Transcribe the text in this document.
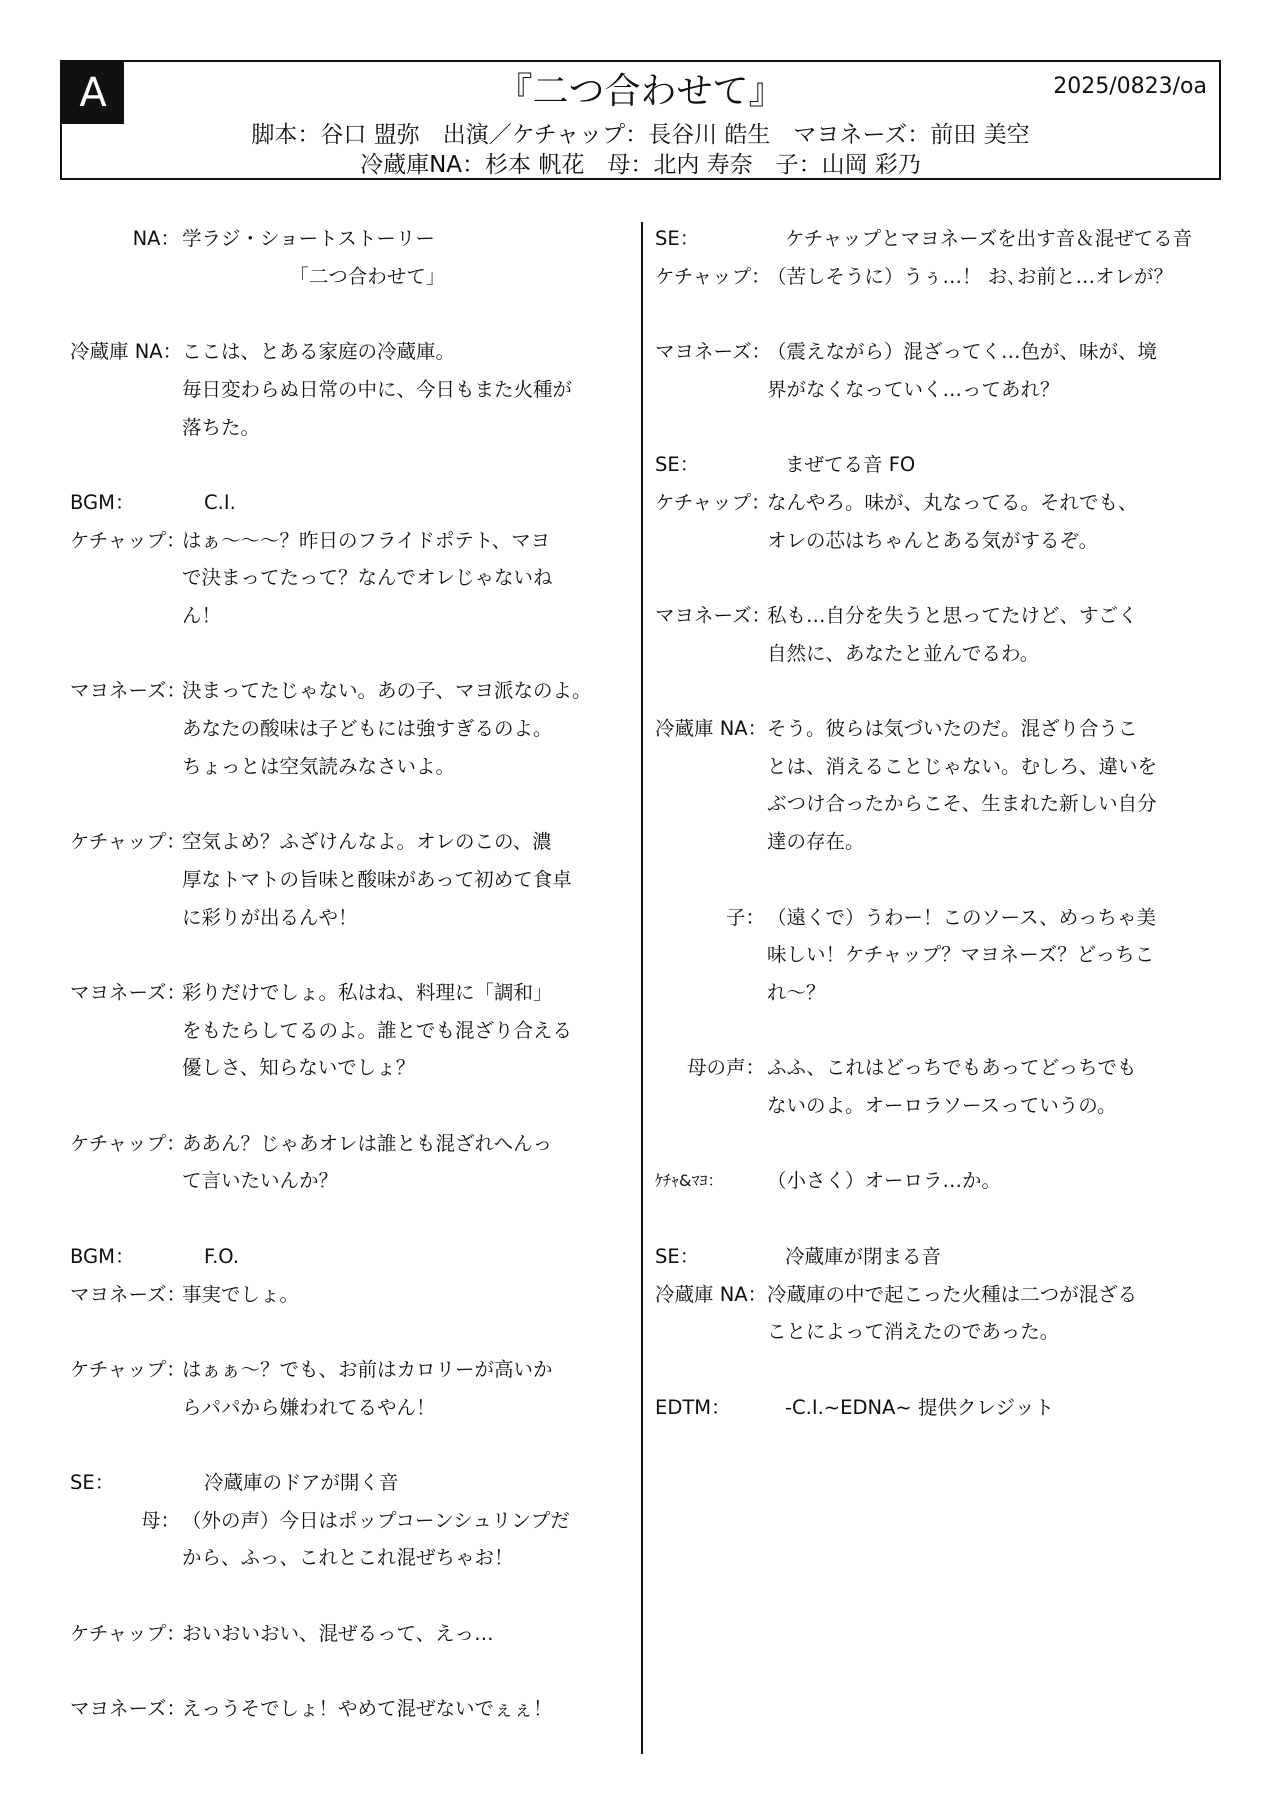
A	『二つ合わせて』	2025/0823/oa
脚本：谷口 盟弥　出演／ケチャップ：長谷川 皓生　マヨネーズ：前田 美空
冷蔵庫NA：杉本 帆花　母：北内 寿奈　子：山岡 彩乃
NA： 学ラジ・ショートストーリー
　　　　　　「二つ合わせて」
冷蔵庫 NA： ここは、とある家庭の冷蔵庫。
毎日変わらぬ日常の中に、今日もまた火種が
落ちた。
BGM：	C.I.
ケチャップ：
はぁ〜〜〜？昨日のフライドポテト、マヨ
で決まってたって？なんでオレじゃないね
ん！
マヨネーズ：
決まってたじゃない。あの子、マヨ派なのよ。
あなたの酸味は子どもには強すぎるのよ。
ちょっとは空気読みなさいよ。
ケチャップ：
空気よめ？ふざけんなよ。オレのこの、濃
厚なトマトの旨味と酸味があって初めて食卓
に彩りが出るんや！
マヨネーズ：
彩りだけでしょ。私はね、料理に「調和」
をもたらしてるのよ。誰とでも混ざり合える
優しさ、知らないでしょ？
ケチャップ：
ああん？じゃあオレは誰とも混ざれへんっ
て言いたいんか？
BGM：	F.O.
マヨネーズ：
事実でしょ。
ケチャップ：
はぁぁ〜？でも、お前はカロリーが高いか
らパパから嫌われてるやん！
SE：	冷蔵庫のドアが開く音
母： （外の声）今日はポップコーンシュリンプだ
から、ふっ、これとこれ混ぜちゃお！
ケチャップ：
おいおいおい、混ぜるって、えっ…
マヨネーズ：
えっうそでしょ！やめて混ぜないでぇぇ！
SE：	ケチャップとマヨネーズを出す音＆混ぜてる音
ケチャップ：
（苦しそうに）うぅ…！ お､お前と…オレが？
マヨネーズ：
（震えながら）混ざってく…色が、味が、境
界がなくなっていく…ってあれ？
SE：	まぜてる音 FO
ケチャップ：
なんやろ。味が、丸なってる。それでも、
オレの芯はちゃんとある気がするぞ。
マヨネーズ：
私も…自分を失うと思ってたけど、すごく
自然に、あなたと並んでるわ。
冷蔵庫 NA： そう。彼らは気づいたのだ。混ざり合うこ
とは、消えることじゃない。むしろ、違いを
ぶつけ合ったからこそ、生まれた新しい自分
達の存在。
子： （遠くで）うわー！このソース、めっちゃ美
味しい！ケチャップ？マヨネーズ？どっちこ
れ〜？
母の声： ふふ、これはどっちでもあってどっちでも
ないのよ。オーロラソースっていうの。
ｹﾁｬ&ﾏﾖ：	（小さく）オーロラ…か。
SE：	冷蔵庫が閉まる音
冷蔵庫 NA： 冷蔵庫の中で起こった火種は二つが混ざる
ことによって消えたのであった。
EDTM：	-C.I.~EDNA~ 提供クレジット
